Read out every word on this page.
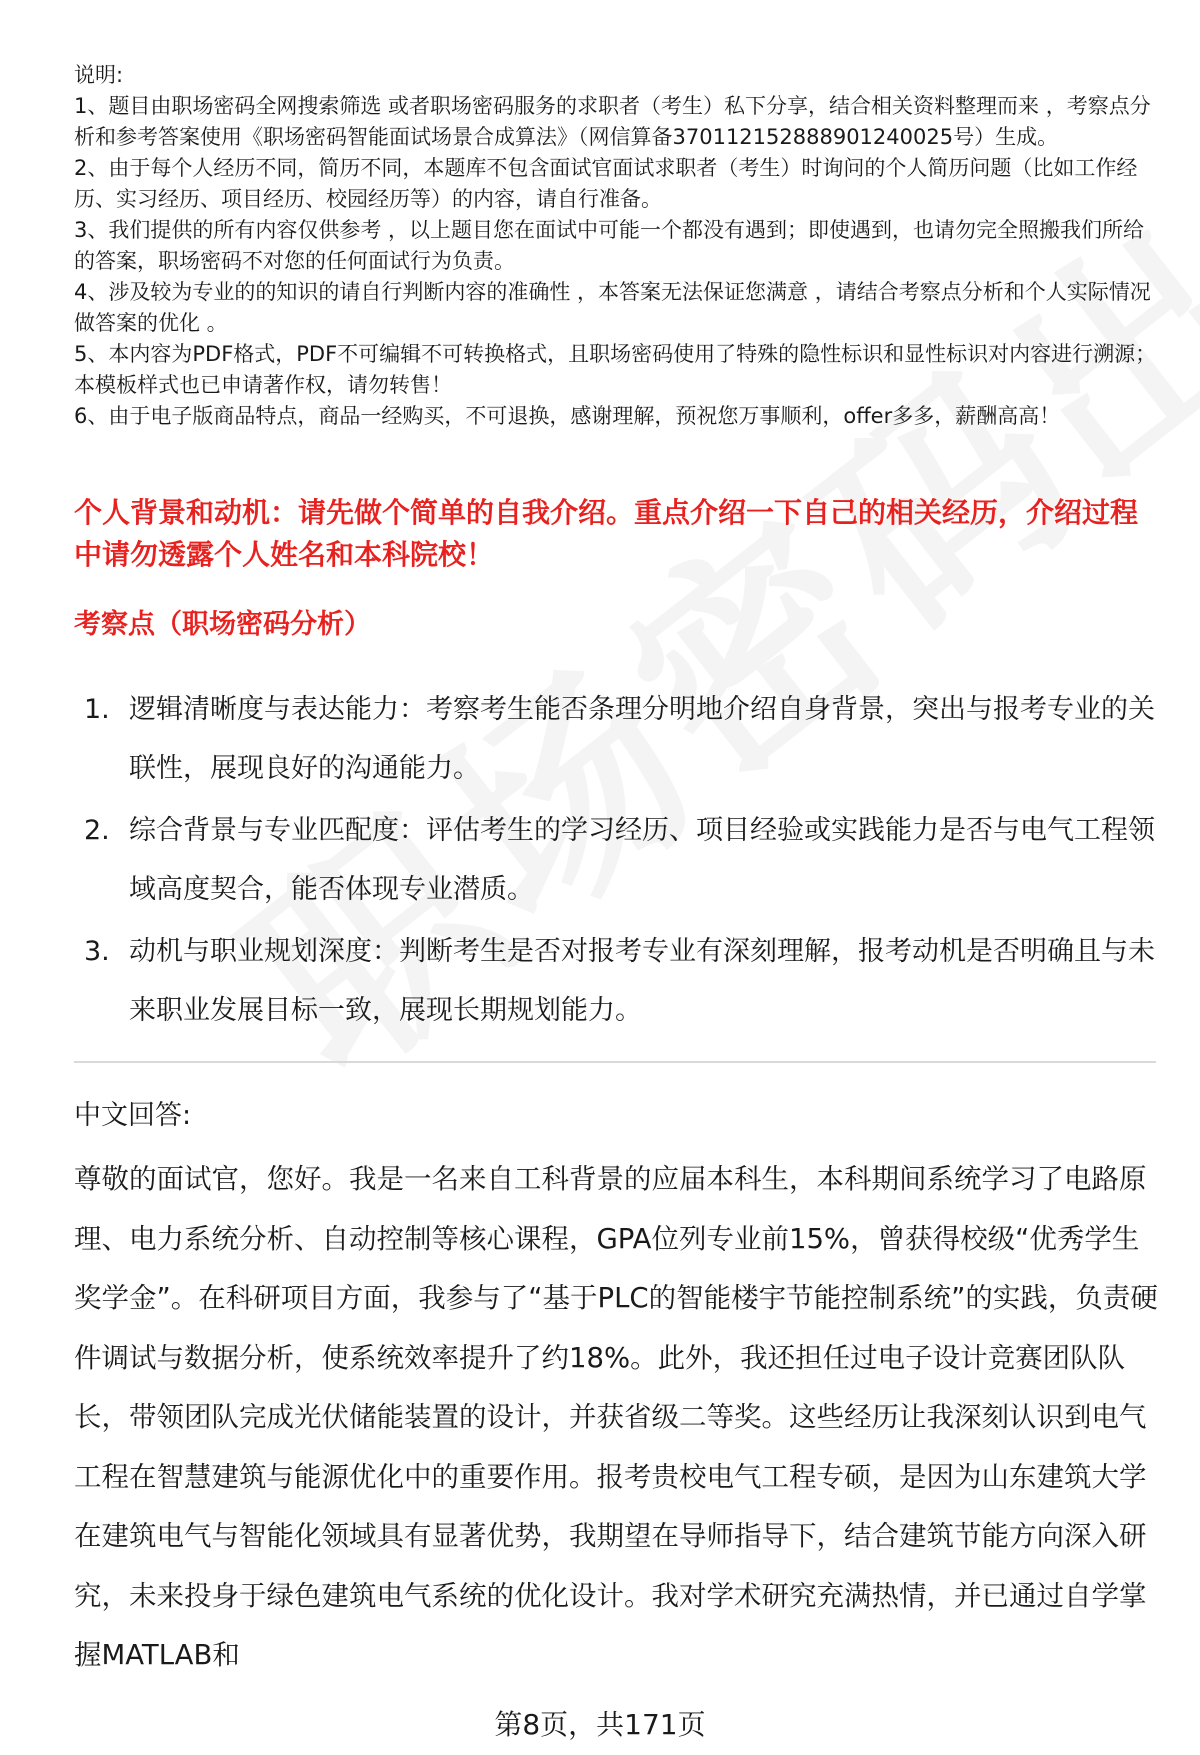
说明:

1、题目由职场密码全网搜索筛选 或者职场密码服务的求职者（考生）私下分享，结合相关资料整理而来 ，考察点分析和参考答案使用《职场密码智能面试场景合成算法》（网信算备370112152888901240025号）生成。

2、由于每个人经历不同，简历不同，本题库不包含面试官面试求职者（考生）时询问的个人简历问题（比如工作经历、实习经历、项目经历、校园经历等）的内容，请自行准备。

3、我们提供的所有内容仅供参考 ，以上题目您在面试中可能一个都没有遇到；即使遇到，也请勿完全照搬我们所给的答案，职场密码不对您的任何面试行为负责。

4、涉及较为专业的的知识的请自行判断内容的准确性 ，本答案无法保证您满意 ，请结合考察点分析和个人实际情况做答案的优化 。

5、本内容为PDF格式，PDF不可编辑不可转换格式，且职场密码使用了特殊的隐性标识和显性标识对内容进行溯源；本模板样式也已申请著作权，请勿转售！

6、由于电子版商品特点，商品一经购买，不可退换，感谢理解，预祝您万事顺利，offer多多，薪酬高高！

个人背景和动机：请先做个简单的自我介绍。重点介绍一下自己的相关经历，介绍过程中请勿透露个人姓名和本科院校！

考察点（职场密码分析）

1. 逻辑清晰度与表达能力：考察考生能否条理分明地介绍自身背景，突出与报考专业的关联性，展现良好的沟通能力。
2. 综合背景与专业匹配度：评估考生的学习经历、项目经验或实践能力是否与电气工程领域高度契合，能否体现专业潜质。
3. 动机与职业规划深度：判断考生是否对报考专业有深刻理解，报考动机是否明确且与未来职业发展目标一致，展现长期规划能力。

中文回答:

尊敬的面试官，您好。我是一名来自工科背景的应届本科生，本科期间系统学习了电路原理、电力系统分析、自动控制等核心课程，GPA位列专业前15%，曾获得校级“优秀学生奖学金”。在科研项目方面，我参与了“基于PLC的智能楼宇节能控制系统”的实践，负责硬件调试与数据分析，使系统效率提升了约18%。此外，我还担任过电子设计竞赛团队队长，带领团队完成光伏储能装置的设计，并获省级二等奖。这些经历让我深刻认识到电气工程在智慧建筑与能源优化中的重要作用。报考贵校电气工程专硕，是因为山东建筑大学在建筑电气与智能化领域具有显著优势，我期望在导师指导下，结合建筑节能方向深入研究，未来投身于绿色建筑电气系统的优化设计。我对学术研究充满热情，并已通过自学掌握MATLAB和

第8页，共171页
